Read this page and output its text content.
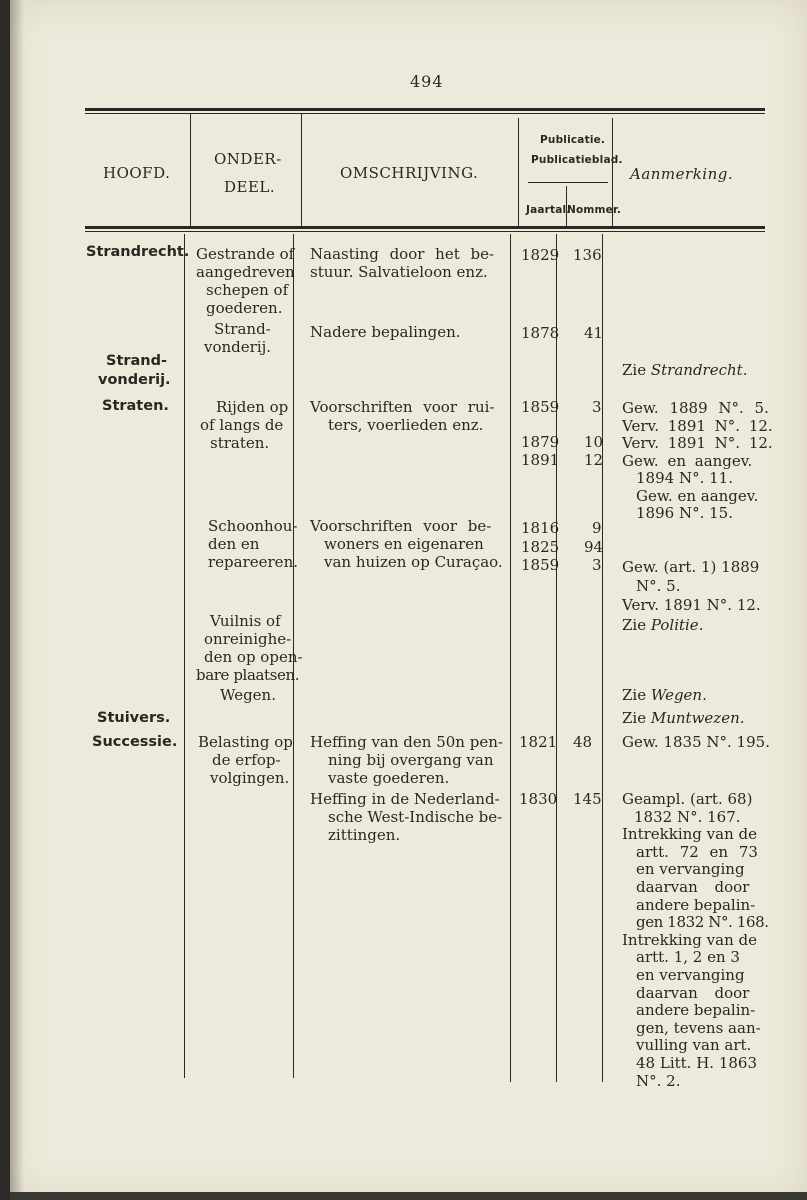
494
HOOFD.
ONDER-
DEEL.
OMSCHRIJVING.
Publicatie.
Publicatieblad.
Jaartal.
Nommer.
Aanmerking.
Strandrecht.
Strand-
vonderij.
Straten.
Stuivers.
Successie.
Gestrande of
aangedreven
schepen of
goederen.
Strand-
vonderij.
Rijden op
of langs de
straten.
Schoonhou-
den en
repareeren.
Vuilnis of
onreinighe-
den op open-
bare plaatsen.
Wegen.
Belasting op
de erfop-
volgingen.
Naasting door het be-
stuur. Salvatieloon enz.
Nadere bepalingen.
Voorschriften voor rui-
ters, voerlieden enz.
Voorschriften voor be-
woners en eigenaren
van huizen op Curaçao.
Heffing van den 50n pen-
ning bij overgang van
vaste goederen.
Heffing in de Nederland-
sche West-Indische be-
zittingen.
1829
1878
1859
1879
1891
1816
1825
1859
1821
1830
136
41
3
10
12
9
94
3
48
145
Zie Strandrecht.
Gew. 1889 N°. 5.
Verv. 1891 N°. 12.
Verv. 1891 N°. 12.
Gew. en aangev.
1894 N°. 11.
Gew. en aangev.
1896 N°. 15.
Gew. (art. 1) 1889
N°. 5.
Verv. 1891 N°. 12.
Zie Politie.
Zie Wegen.
Zie Muntwezen.
Gew. 1835 N°. 195.
Geampl. (art. 68)
1832 N°. 167.
Intrekking van de
artt. 72 en 73
en vervanging
daarvan door
andere bepalin-
gen 1832 N°. 168.
Intrekking van de
artt. 1, 2 en 3
en vervanging
daarvan door
andere bepalin-
gen, tevens aan-
vulling van art.
48 Litt. H. 1863
N°. 2.
